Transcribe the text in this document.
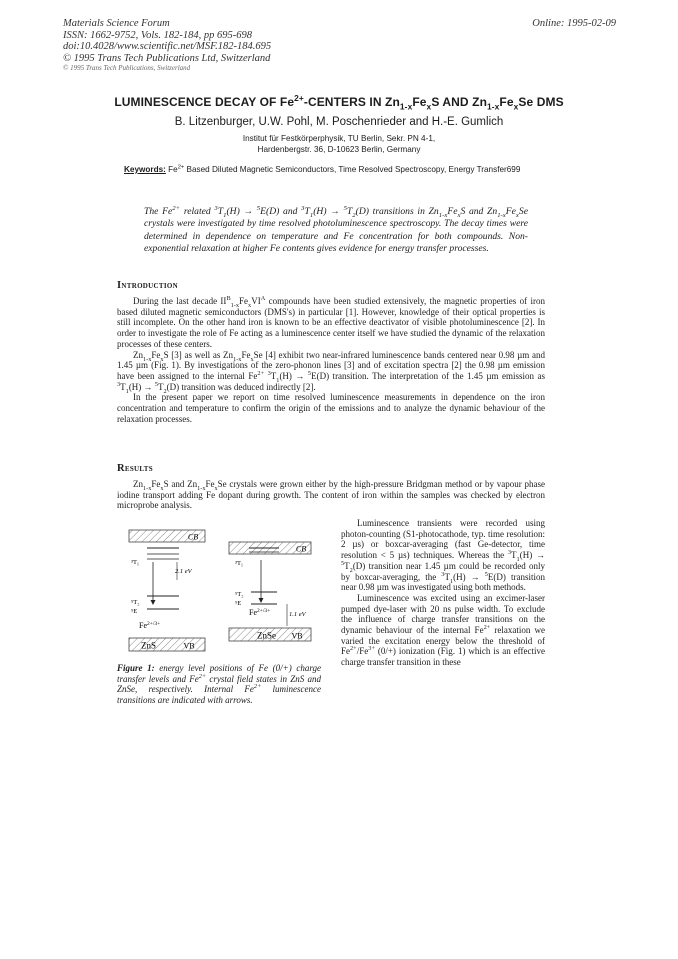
Materials Science Forum
ISSN: 1662-9752, Vols. 182-184, pp 695-698
doi:10.4028/www.scientific.net/MSF.182-184.695
© 1995 Trans Tech Publications Ltd, Switzerland
Online: 1995-02-09
© 1995 Trans Tech Publications, Switzerland
LUMINESCENCE DECAY OF $Fe^{2+}$-CENTERS IN $Zn_{1-x}Fe_xS$ AND $Zn_{1-x}Fe_xSe$ DMS
B. Litzenburger, U.W. Pohl, M. Poschenrieder and H.-E. Gumlich
Institut für Festkörperphysik, TU Berlin, Sekr. PN 4-1,
Hardenbergstr. 36, D-10623 Berlin, Germany
Keywords: $Fe^{2+}$ Based Diluted Magnetic Semiconductors, Time Resolved Spectroscopy, Energy Transfer699
The $Fe^{2+}$ related $^3T_1(H) \to ^5E(D)$ and $^3T_1(H) \to ^5T_2(D)$ transitions in $Zn_{1-x}Fe_xS$ and $Zn_{1-x}Fe_xSe$ crystals were investigated by time resolved photoluminescence spectroscopy. The decay times were determined in dependence on temperature and Fe concentration for both compounds. Non-exponential relaxation at higher Fe contents gives evidence for energy transfer processes.
Introduction

During the last decade $II^B_{1-x}Fe_xVI^A$ compounds have been studied extensively, the magnetic properties of iron based diluted magnetic semiconductors (DMS's) in particular [1]. However, knowledge of their optical properties is still incomplete. On the other hand iron is known to be an effective deactivator of visible photoluminescence [2]. In order to investigate the role of Fe acting as a luminescence center itself we have studied the dynamic of the relaxation processes of these centers.

$Zn_{1-x}Fe_xS$ [3] as well as $Zn_{1-x}Fe_xSe$ [4] exhibit two near-infrared luminescence bands centered near 0.98 µm and 1.45 µm (Fig. 1). By investigations of the zero-phonon lines [3] and of excitation spectra [2] the 0.98 µm emission have been assigned to the internal $Fe^{2+}$ $^3T_1(H) \to ^5E(D)$ transition. The interpretation of the 1.45 µm emission as $^3T_1(H) \to ^5T_2(D)$ transition was deduced indirectly [2].

In the present paper we report on time resolved luminescence measurements in dependence on the iron concentration and temperature to confirm the origin of the emissions and to analyze the dynamic behaviour of the relaxation processes.

Results

$Zn_{1-x}Fe_xS$ and $Zn_{1-x}Fe_xSe$ crystals were grown either by the high-pressure Bridgman method or by vapour phase iodine transport adding Fe dopant during growth. The content of iron within the samples was checked by electron microprobe analysis.

CB
ZnS	VB
³T₁
2.1 eV
⁵T₂
⁵E
$Fe^{2+/3+}$
CB
ZnSe VB
³T₁
⁵T₂
⁵E
1.1 eV
$Fe^{2+/3+}$
Figure 1: energy level positions of Fe (0/+) charge transfer levels and $Fe^{2+}$ crystal field states in ZnS and ZnSe, respectively. Internal $Fe^{2+}$ luminescence transitions are indicated with arrows.

Luminescence transients were recorded using photon-counting (S1-photocathode, typ. time resolution: 2 µs) or boxcar-averaging (fast Ge-detector, time resolution < 5 µs) techniques. Whereas the $^3T_1(H) \to ^5T_2(D)$ transition near 1.45 µm could be recorded only by boxcar-averaging, the $^3T_1(H) \to ^5E(D)$ transition near 0.98 µm was investigated using both methods.

Luminescence was excited using an excimer-laser pumped dye-laser with 20 ns pulse width. To exclude the influence of charge transfer transitions on the dynamic behaviour of the internal $Fe^{2+}$ relaxation we varied the excitation energy below the threshold of $Fe^{2+}/Fe^{3+}$ (0/+) ionization (Fig. 1) which is an effective charge transfer transition in these
